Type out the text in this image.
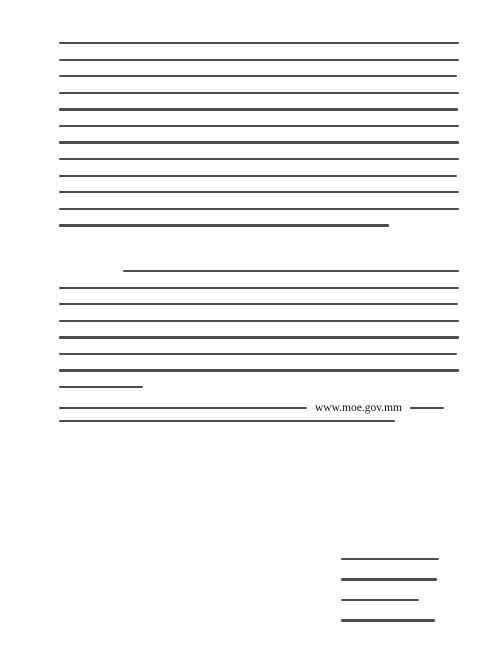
www.moe.gov.mm
